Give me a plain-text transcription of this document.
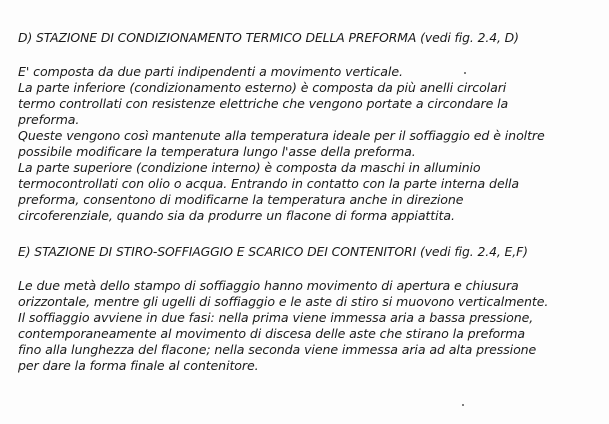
D) STAZIONE DI CONDIZIONAMENTO TERMICO DELLA PREFORMA (vedi fig. 2.4, D)
E' composta da due parti indipendenti a movimento verticale.
La parte inferiore (condizionamento esterno) è composta da più anelli circolari
termo controllati con resistenze elettriche che vengono portate a circondare la
preforma.
Queste vengono così mantenute alla temperatura ideale per il soffiaggio ed è inoltre
possibile modificare la temperatura lungo l'asse della preforma.
La parte superiore (condizione interno) è composta da maschi in alluminio
termocontrollati con olio o acqua. Entrando in contatto con la parte interna della
preforma, consentono di modificarne la temperatura anche in direzione
circoferenziale, quando sia da produrre un flacone di forma appiattita.
E) STAZIONE DI STIRO-SOFFIAGGIO E SCARICO DEI CONTENITORI (vedi fig. 2.4, E,F)
Le due metà dello stampo di soffiaggio hanno movimento di apertura e chiusura
orizzontale, mentre gli ugelli di soffiaggio e le aste di stiro si muovono verticalmente.
Il soffiaggio avviene in due fasi: nella prima viene immessa aria a bassa pressione,
contemporaneamente al movimento di discesa delle aste che stirano la preforma
fino alla lunghezza del flacone; nella seconda viene immessa aria ad alta pressione
per dare la forma finale al contenitore.
